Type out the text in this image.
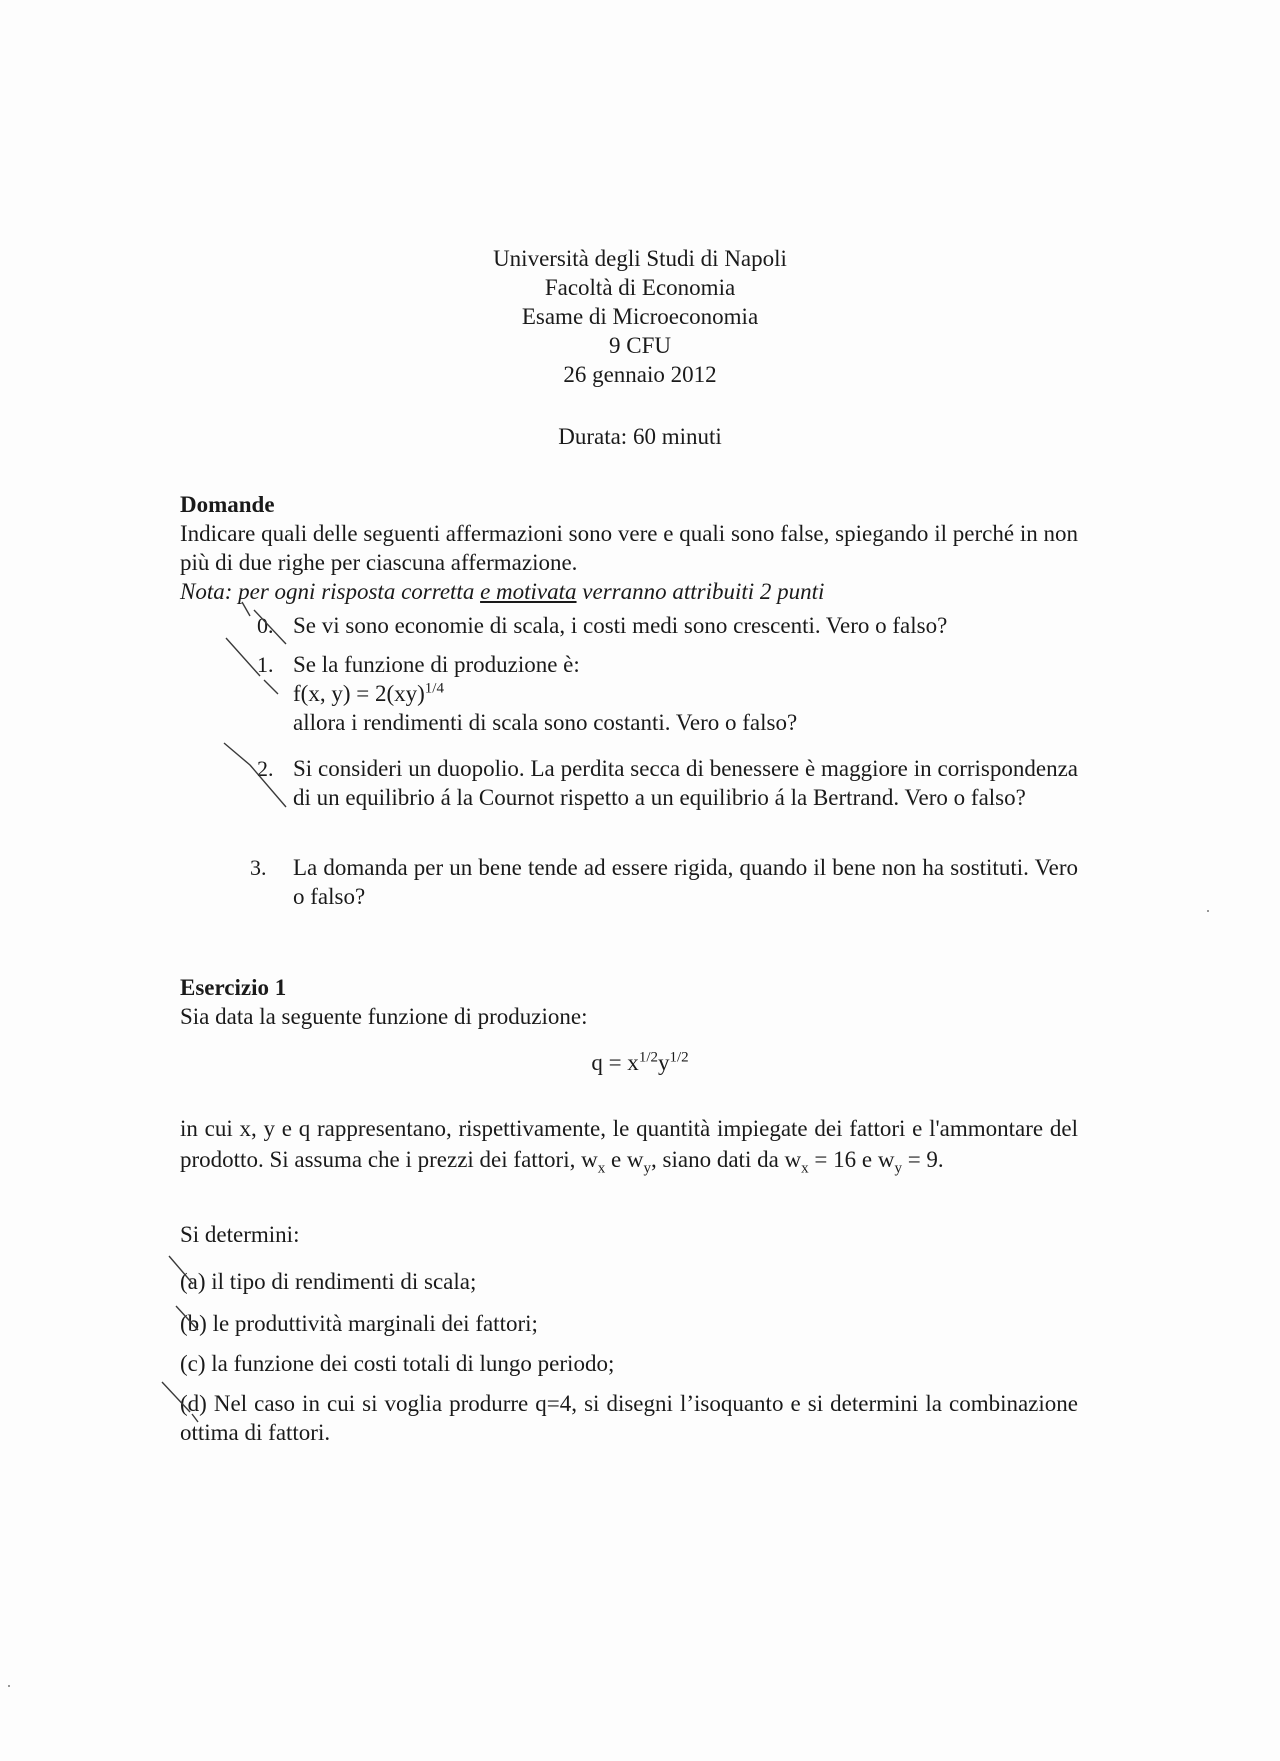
Università degli Studi di Napoli
Facoltà di Economia
Esame di Microeconomia
9 CFU
26 gennaio 2012
Durata: 60 minuti
Domande
Indicare quali delle seguenti affermazioni sono vere e quali sono false, spiegando il perché in non più di due righe per ciascuna affermazione.
Nota: per ogni risposta corretta e motivata verranno attribuiti 2 punti
0. Se vi sono economie di scala, i costi medi sono crescenti. Vero o falso?
1. Se la funzione di produzione è:
f(x, y) = 2(xy)$^{1/4}$
allora i rendimenti di scala sono costanti. Vero o falso?
2. Si consideri un duopolio. La perdita secca di benessere è maggiore in corrispondenza di un equilibrio á la Cournot rispetto a un equilibrio á la Bertrand. Vero o falso?
3. La domanda per un bene tende ad essere rigida, quando il bene non ha sostituti. Vero o falso?
Esercizio 1
Sia data la seguente funzione di produzione:
$q = x^{1/2}y^{1/2}$
in cui x, y e q rappresentano, rispettivamente, le quantità impiegate dei fattori e l'ammontare del prodotto. Si assuma che i prezzi dei fattori, $w_x$ e $w_y$, siano dati da $w_x = 16$ e $w_y = 9$.
Si determini:
(a) il tipo di rendimenti di scala;
(b) le produttività marginali dei fattori;
(c) la funzione dei costi totali di lungo periodo;
(d) Nel caso in cui si voglia produrre q=4, si disegni l’isoquanto e si determini la combinazione ottima di fattori.
